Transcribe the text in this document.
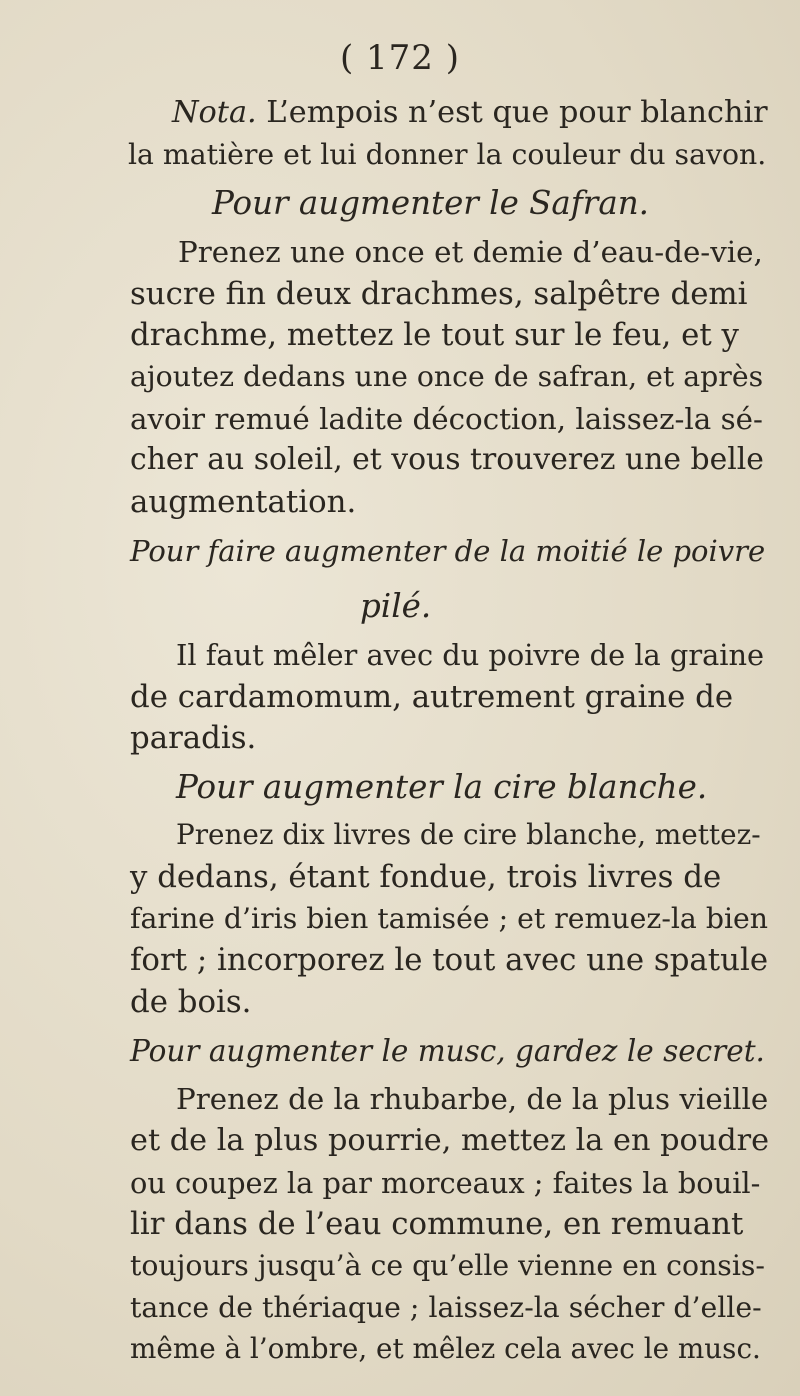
( 172 )
Nota. L’empois n’est que pour blanchir
la matière et lui donner la couleur du savon.
Pour augmenter le Safran.
Prenez une once et demie d’eau-de-vie,
sucre fin deux drachmes, salpêtre demi
drachme, mettez le tout sur le feu, et y
ajoutez dedans une once de safran, et après
avoir remué ladite décoction, laissez-la sé-
cher au soleil, et vous trouverez une belle
augmentation.
Pour faire augmenter de la moitié le poivre
pilé.
Il faut mêler avec du poivre de la graine
de cardamomum, autrement graine de
paradis.
Pour augmenter la cire blanche.
Prenez dix livres de cire blanche, mettez-
y dedans, étant fondue, trois livres de
farine d’iris bien tamisée ; et remuez-la bien
fort ; incorporez le tout avec une spatule
de bois.
Pour augmenter le musc, gardez le secret.
Prenez de la rhubarbe, de la plus vieille
et de la plus pourrie, mettez la en poudre
ou coupez la par morceaux ; faites la bouil-
lir dans de l’eau commune, en remuant
toujours jusqu’à ce qu’elle vienne en consis-
tance de thériaque ; laissez-la sécher d’elle-
même à l’ombre, et mêlez cela avec le musc.
